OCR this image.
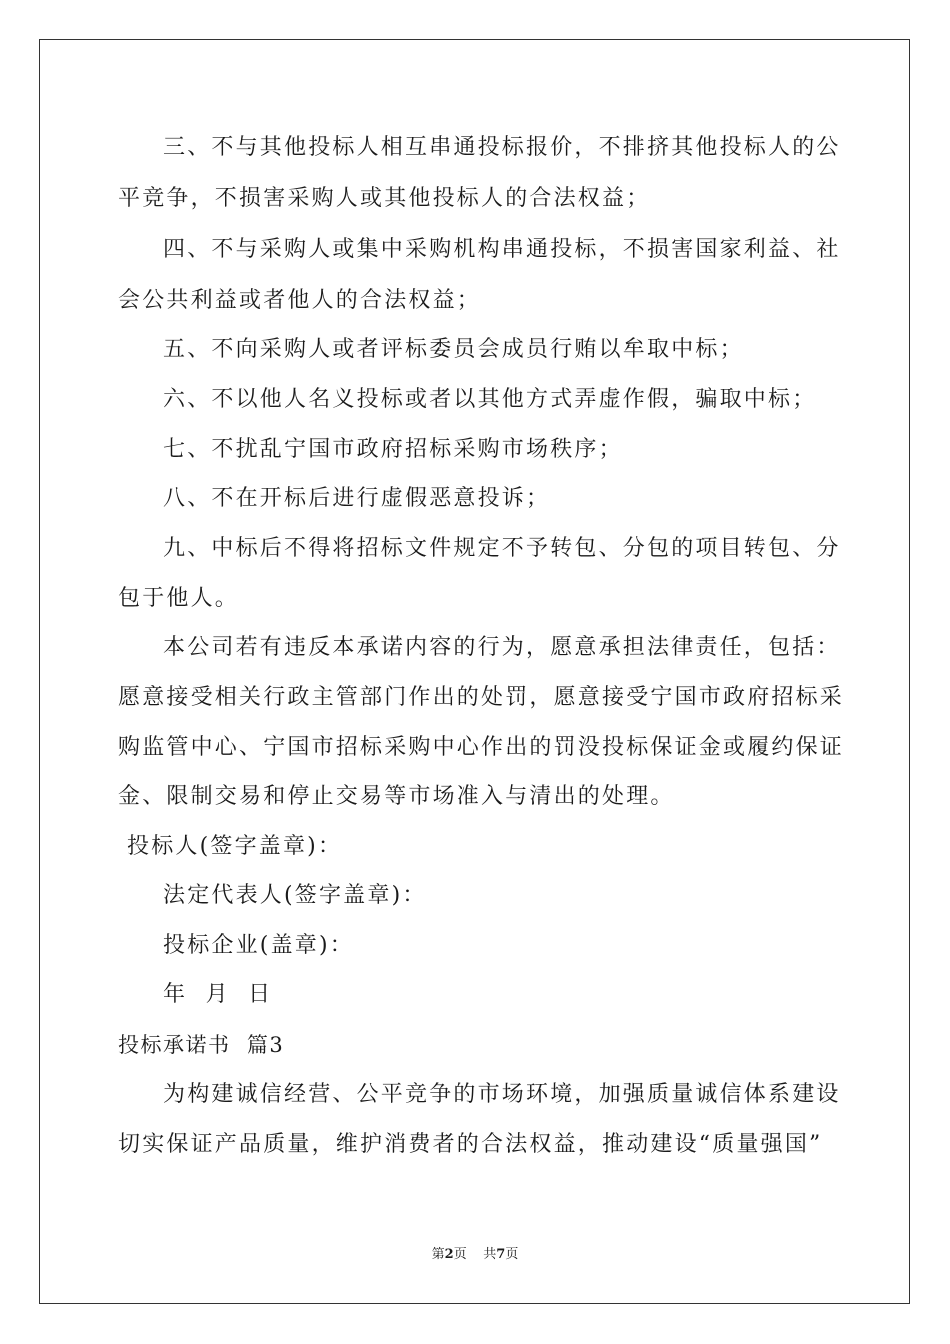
三、不与其他投标人相互串通投标报价，不排挤其他投标人的公
平竞争，不损害采购人或其他投标人的合法权益；
四、不与采购人或集中采购机构串通投标，不损害国家利益、社
会公共利益或者他人的合法权益；
五、不向采购人或者评标委员会成员行贿以牟取中标；
六、不以他人名义投标或者以其他方式弄虚作假，骗取中标；
七、不扰乱宁国市政府招标采购市场秩序；
八、不在开标后进行虚假恶意投诉；
九、中标后不得将招标文件规定不予转包、分包的项目转包、分
包于他人。
本公司若有违反本承诺内容的行为，愿意承担法律责任，包括：
愿意接受相关行政主管部门作出的处罚，愿意接受宁国市政府招标采
购监管中心、宁国市招标采购中心作出的罚没投标保证金或履约保证
金、限制交易和停止交易等市场准入与清出的处理。
投标人(签字盖章)：
法定代表人(签字盖章)：
投标企业(盖章)：
年  月  日
投标承诺书  篇3
为构建诚信经营、公平竞争的市场环境，加强质量诚信体系建设
切实保证产品质量，维护消费者的合法权益，推动建设“质量强国”
第2页 共7页
